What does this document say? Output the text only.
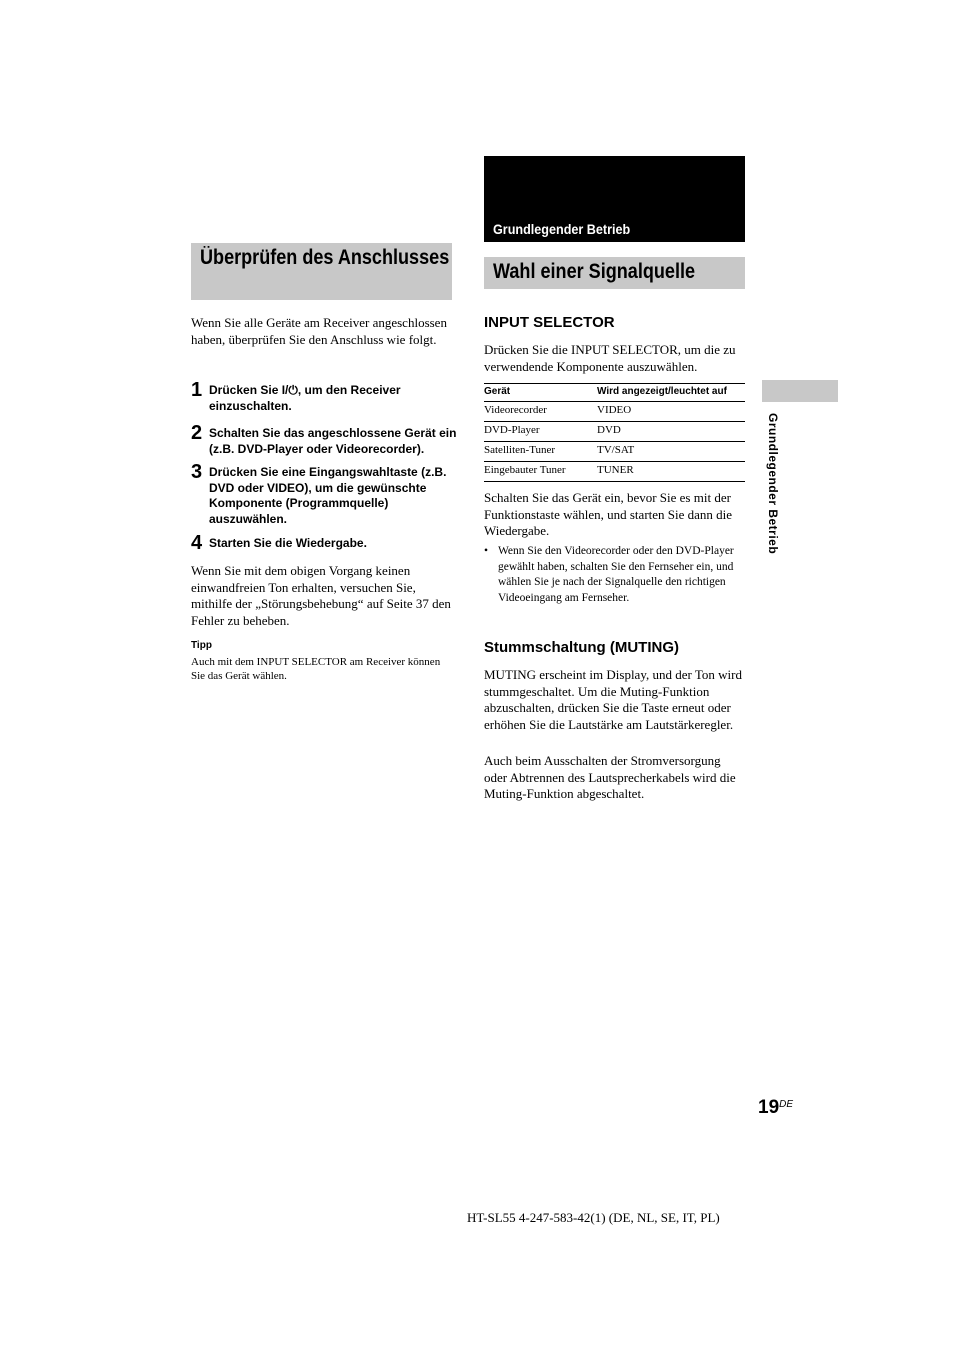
Überprüfen des Anschlusses
Wenn Sie alle Geräte am Receiver angeschlossen haben, überprüfen Sie den Anschluss wie folgt.
1 Drücken Sie I/⏻, um den Receiver einzuschalten.
2 Schalten Sie das angeschlossene Gerät ein (z.B. DVD-Player oder Videorecorder).
3 Drücken Sie eine Eingangswahltaste (z.B. DVD oder VIDEO), um die gewünschte Komponente (Programmquelle) auszuwählen.
4 Starten Sie die Wiedergabe.
Wenn Sie mit dem obigen Vorgang keinen einwandfreien Ton erhalten, versuchen Sie, mithilfe der „Störungsbehebung“ auf Seite 37 den Fehler zu beheben.
Tipp
Auch mit dem INPUT SELECTOR am Receiver können Sie das Gerät wählen.
Grundlegender Betrieb
Wahl einer Signalquelle
INPUT SELECTOR
Drücken Sie die INPUT SELECTOR, um die zu verwendende Komponente auszuwählen.
Gerät	Wird angezeigt/leuchtet auf
Videorecorder	VIDEO
DVD-Player	DVD
Satelliten-Tuner	TV/SAT
Eingebauter Tuner	TUNER
Schalten Sie das Gerät ein, bevor Sie es mit der Funktionstaste wählen, und starten Sie dann die Wiedergabe.
• Wenn Sie den Videorecorder oder den DVD-Player gewählt haben, schalten Sie den Fernseher ein, und wählen Sie je nach der Signalquelle den richtigen Videoeingang am Fernseher.
Stummschaltung (MUTING)
MUTING erscheint im Display, und der Ton wird stummgeschaltet. Um die Muting-Funktion abzuschalten, drücken Sie die Taste erneut oder erhöhen Sie die Lautstärke am Lautstärkeregler.
Auch beim Ausschalten der Stromversorgung oder Abtrennen des Lautsprecherkabels wird die Muting-Funktion abgeschaltet.
Grundlegender Betrieb
19DE
HT-SL55 4-247-583-42(1) (DE, NL, SE, IT, PL)
